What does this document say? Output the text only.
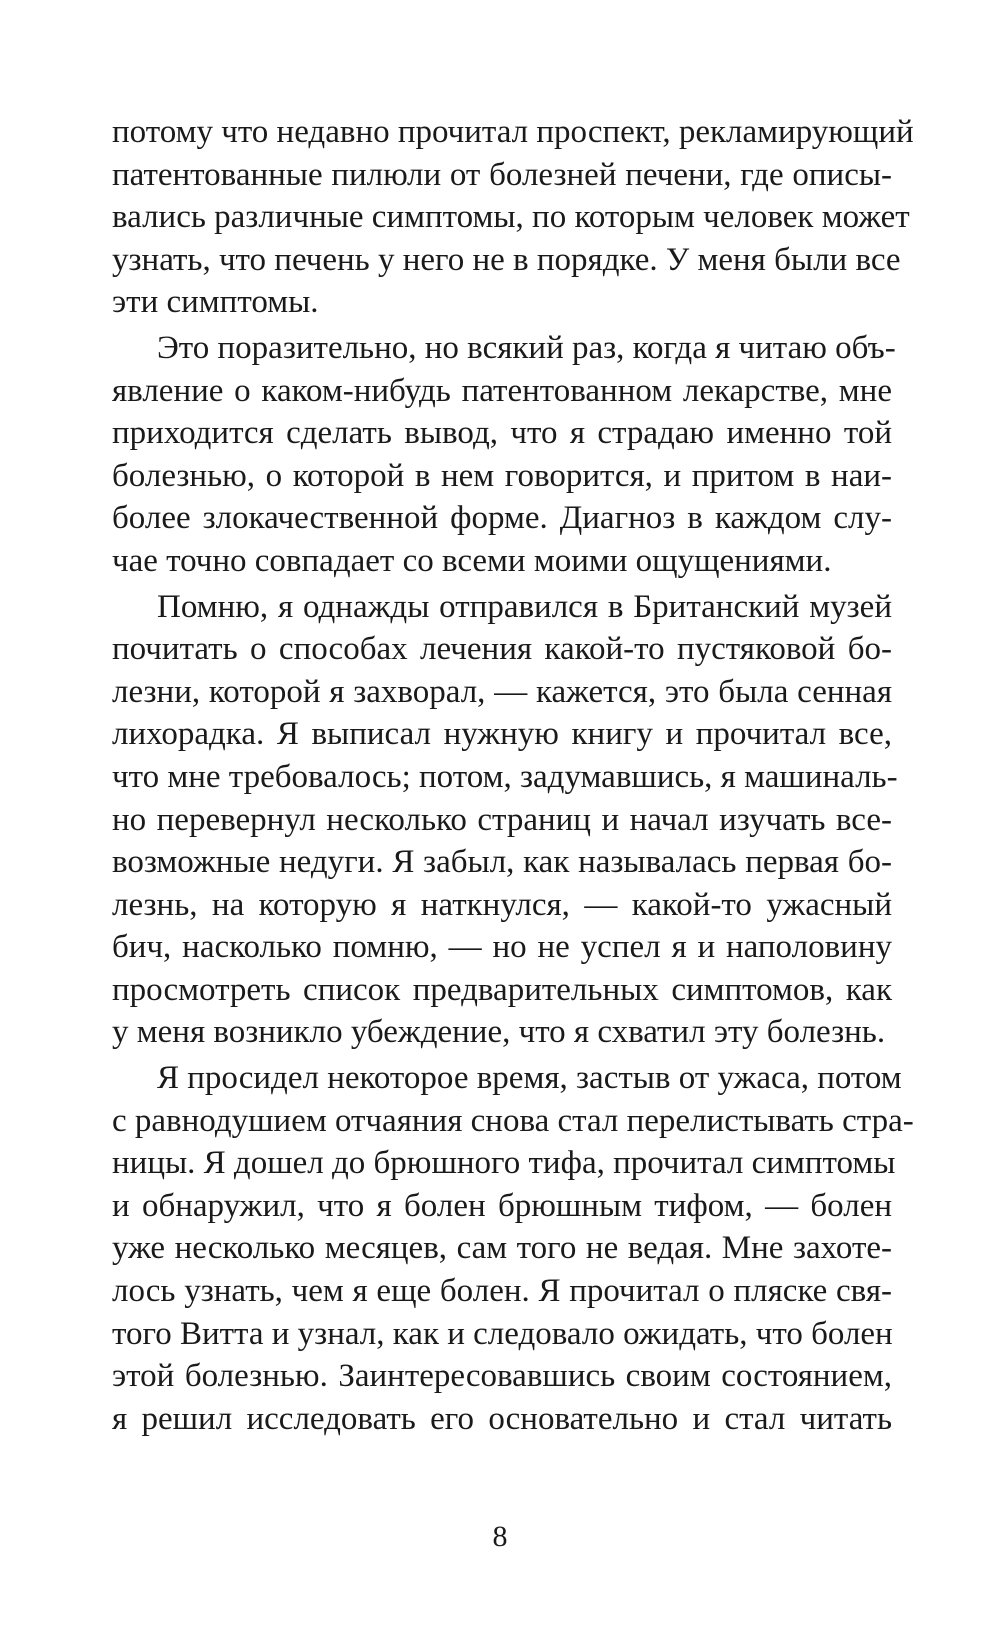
потому что недавно прочитал проспект, рекламирующий
патентованные пилюли от болезней печени, где описы-
вались различные симптомы, по которым человек может
узнать, что печень у него не в порядке. У меня были все
эти симптомы.
Это поразительно, но всякий раз, когда я читаю объ-
явление о каком-нибудь патентованном лекарстве, мне
приходится сделать вывод, что я страдаю именно той
болезнью, о которой в нем говорится, и притом в наи-
более злокачественной форме. Диагноз в каждом слу-
чае точно совпадает со всеми моими ощущениями.
Помню, я однажды отправился в Британский музей
почитать о способах лечения какой-то пустяковой бо-
лезни, которой я захворал, — кажется, это была сенная
лихорадка. Я выписал нужную книгу и прочитал все,
что мне требовалось; потом, задумавшись, я машиналь-
но перевернул несколько страниц и начал изучать все-
возможные недуги. Я забыл, как называлась первая бо-
лезнь, на которую я наткнулся, — какой-то ужасный
бич, насколько помню, — но не успел я и наполовину
просмотреть список предварительных симптомов, как
у меня возникло убеждение, что я схватил эту болезнь.
Я просидел некоторое время, застыв от ужаса, потом
с равнодушием отчаяния снова стал перелистывать стра-
ницы. Я дошел до брюшного тифа, прочитал симптомы
и обнаружил, что я болен брюшным тифом, — болен
уже несколько месяцев, сам того не ведая. Мне захоте-
лось узнать, чем я еще болен. Я прочитал о пляске свя-
того Витта и узнал, как и следовало ожидать, что болен
этой болезнью. Заинтересовавшись своим состоянием,
я решил исследовать его основательно и стал читать
8
